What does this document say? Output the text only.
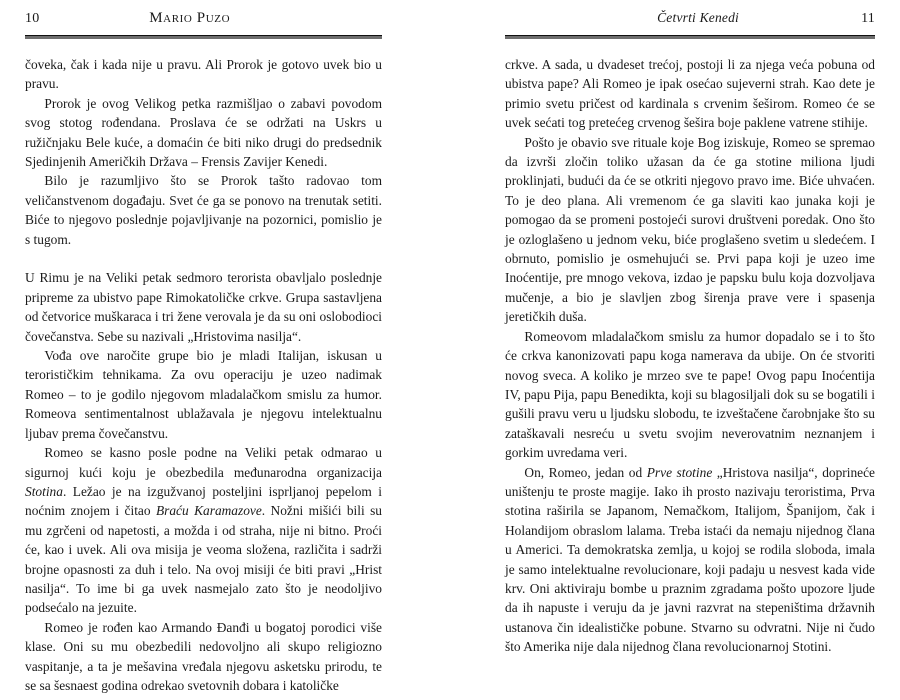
10	Mario Puzo

čoveka, čak i kada nije u pravu. Ali Prorok je gotovo uvek bio u pravu.

Prorok je ovog Velikog petka razmišljao o zabavi povodom svog stotog rođendana. Proslava će se održati na Uskrs u ružičnjaku Bele kuće, a domaćin će biti niko drugi do predsednik Sjedinjenih Američkih Država – Frensis Zavijer Kenedi.

Bilo je razumljivo što se Prorok tašto radovao tom veličanstvenom događaju. Svet će ga se ponovo na trenutak setiti. Biće to njegovo poslednje pojavljivanje na pozornici, pomislio je s tugom.

U Rimu je na Veliki petak sedmoro terorista obavljalo poslednje pripreme za ubistvo pape Rimokatoličke crkve. Grupa sastavljena od četvorice muškaraca i tri žene verovala je da su oni oslobodioci čovečanstva. Sebe su nazivali „Hristovima nasilja“.

Vođa ove naročite grupe bio je mladi Italijan, iskusan u terorističkim tehnikama. Za ovu operaciju je uzeo nadimak Romeo – to je godilo njegovom mladalačkom smislu za humor. Romeova sentimentalnost ublažavala je njegovu intelektualnu ljubav prema čovečanstvu.

Romeo se kasno posle podne na Veliki petak odmarao u sigurnoj kući koju je obezbedila međunarodna organizacija Stotina. Ležao je na izgužvanoj posteljini isprljanoj pepelom i noćnim znojem i čitao Braću Karamazove. Nožni mišići bili su mu zgrčeni od napetosti, a možda i od straha, nije ni bitno. Proći će, kao i uvek. Ali ova misija je veoma složena, različita i sadrži brojne opasnosti za duh i telo. Na ovoj misiji će biti pravi „Hrist nasilja“. To ime bi ga uvek nasmejalo zato što je neodoljivo podsećalo na jezuite.

Romeo je rođen kao Armando Đanđi u bogatoj porodici više klase. Oni su mu obezbedili nedovoljno ali skupo religiozno vaspitanje, a ta je mešavina vređala njegovu asketsku prirodu, te se sa šesnaest godina odrekao svetovnih dobara i katoličke

Četvrti Kenedi	11

crkve. A sada, u dvadeset trećoj, postoji li za njega veća pobuna od ubistva pape? Ali Romeo je ipak osećao sujeverni strah. Kao dete je primio svetu pričest od kardinala s crvenim šeširom. Romeo će se uvek sećati tog pretećeg crvenog šešira boje paklene vatrene stihije.

Pošto je obavio sve rituale koje Bog iziskuje, Romeo se spremao da izvrši zločin toliko užasan da će ga stotine miliona ljudi proklinjati, budući da će se otkriti njegovo pravo ime. Biće uhvaćen. To je deo plana. Ali vremenom će ga slaviti kao junaka koji je pomogao da se promeni postojeći surovi društveni poredak. Ono što je ozloglašeno u jednom veku, biće proglašeno svetim u sledećem. I obrnuto, pomislio je osmehujući se. Prvi papa koji je uzeo ime Inoćentije, pre mnogo vekova, izdao je papsku bulu koja dozvoljava mučenje, a bio je slavljen zbog širenja prave vere i spasenja jeretičkih duša.

Romeovom mladalačkom smislu za humor dopadalo se i to što će crkva kanonizovati papu koga namerava da ubije. On će stvoriti novog sveca. A koliko je mrzeo sve te pape! Ovog papu Inoćentija IV, papu Pija, papu Benedikta, koji su blagosiljali dok su se bogatili i gušili pravu veru u ljudsku slobodu, te izveštačene čarobnjake što su zataškavali nesreću u svetu svojim neverovatnim neznanjem i gorkim uvredama veri.

On, Romeo, jedan od Prve stotine „Hristova nasilja“, doprineće uništenju te proste magije. Iako ih prosto nazivaju teroristima, Prva stotina raširila se Japanom, Nemačkom, Italijom, Španijom, čak i Holandijom obraslom lalama. Treba istaći da nemaju nijednog člana u Americi. Ta demokratska zemlja, u kojoj se rodila sloboda, imala je samo intelektualne revolucionare, koji padaju u nesvest kada vide krv. Oni aktiviraju bombe u praznim zgradama pošto upozore ljude da ih napuste i veruju da je javni razvrat na stepeništima državnih ustanova čin idealističke pobune. Stvarno su odvratni. Nije ni čudo što Amerika nije dala nijednog člana revolucionarnoj Stotini.
